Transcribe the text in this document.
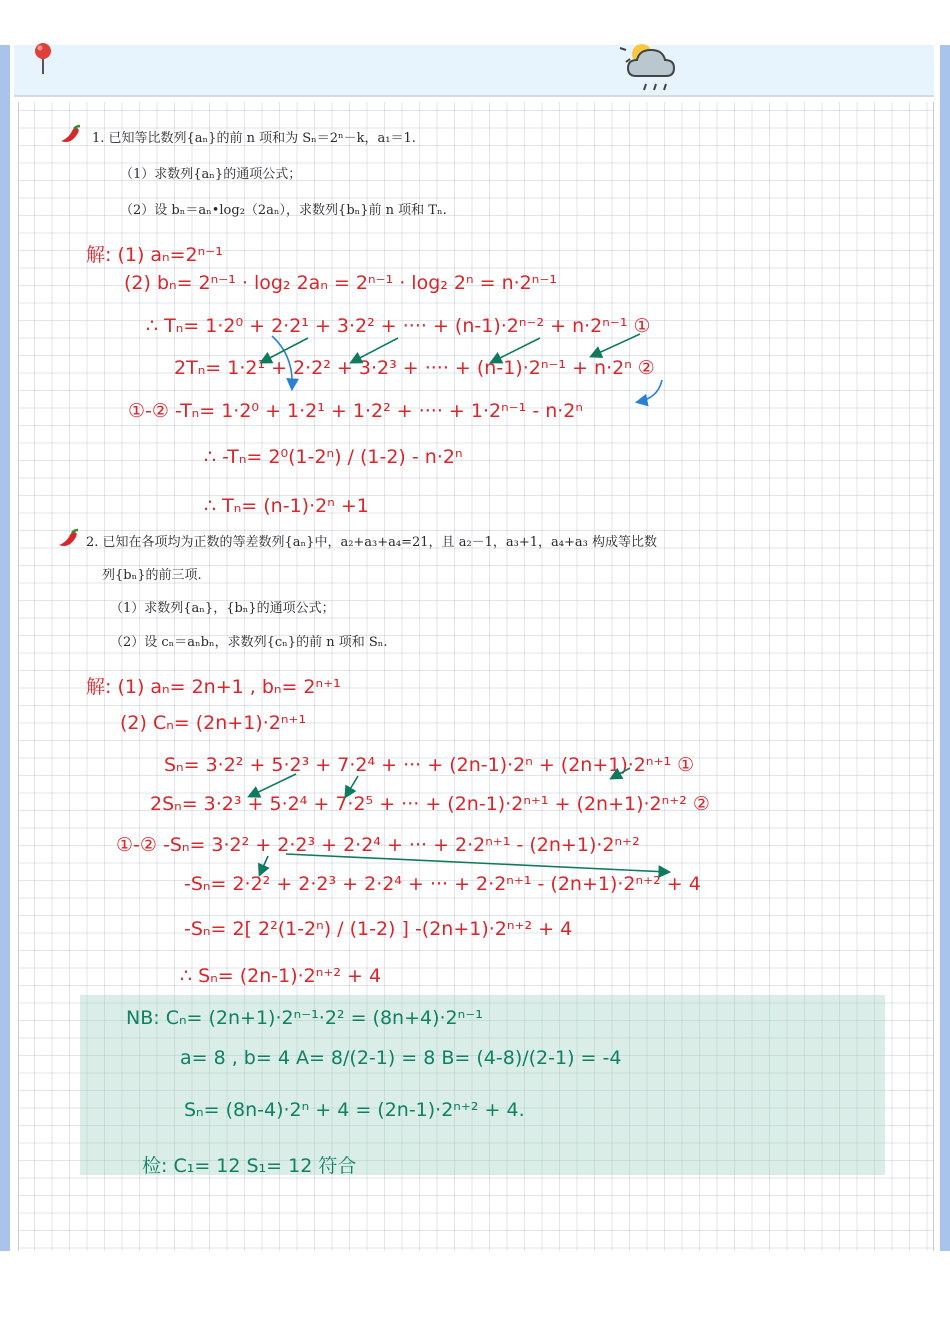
1. 已知等比数列{aₙ}的前 n 项和为 Sₙ＝2ⁿ－k，a₁＝1.
（1）求数列{aₙ}的通项公式；
（2）设 bₙ＝aₙ•log₂（2aₙ），求数列{bₙ}前 n 项和 Tₙ.
解: (1) aₙ=2ⁿ⁻¹
(2) bₙ= 2ⁿ⁻¹ · log₂ 2aₙ = 2ⁿ⁻¹ · log₂ 2ⁿ = n·2ⁿ⁻¹
∴ Tₙ= 1·2⁰ + 2·2¹ + 3·2² + ···· + (n-1)·2ⁿ⁻² + n·2ⁿ⁻¹ ①
2Tₙ= 1·2¹ + 2·2² + 3·2³ + ···· + (n-1)·2ⁿ⁻¹ + n·2ⁿ ②
①-② -Tₙ= 1·2⁰ + 1·2¹ + 1·2² + ···· + 1·2ⁿ⁻¹ - n·2ⁿ
∴ -Tₙ= 2⁰(1-2ⁿ) / (1-2) - n·2ⁿ
∴ Tₙ= (n-1)·2ⁿ +1
2. 已知在各项均为正数的等差数列{aₙ}中，a₂+a₃+a₄=21，且 a₂－1，a₃+1，a₄+a₃ 构成等比数
列{bₙ}的前三项.
（1）求数列{aₙ}，{bₙ}的通项公式；
（2）设 cₙ＝aₙbₙ，求数列{cₙ}的前 n 项和 Sₙ.
解: (1) aₙ= 2n+1 , bₙ= 2ⁿ⁺¹
(2) Cₙ= (2n+1)·2ⁿ⁺¹
Sₙ= 3·2² + 5·2³ + 7·2⁴ + ··· + (2n-1)·2ⁿ + (2n+1)·2ⁿ⁺¹ ①
2Sₙ= 3·2³ + 5·2⁴ + 7·2⁵ + ··· + (2n-1)·2ⁿ⁺¹ + (2n+1)·2ⁿ⁺² ②
①-② -Sₙ= 3·2² + 2·2³ + 2·2⁴ + ··· + 2·2ⁿ⁺¹ - (2n+1)·2ⁿ⁺²
-Sₙ= 2·2² + 2·2³ + 2·2⁴ + ··· + 2·2ⁿ⁺¹ - (2n+1)·2ⁿ⁺² + 4
-Sₙ= 2[ 2²(1-2ⁿ) / (1-2) ] -(2n+1)·2ⁿ⁺² + 4
∴ Sₙ= (2n-1)·2ⁿ⁺² + 4
NB: Cₙ= (2n+1)·2ⁿ⁻¹·2² = (8n+4)·2ⁿ⁻¹
a= 8 , b= 4 A= 8/(2-1) = 8 B= (4-8)/(2-1) = -4
Sₙ= (8n-4)·2ⁿ + 4 = (2n-1)·2ⁿ⁺² + 4.
检: C₁= 12 S₁= 12 符合
